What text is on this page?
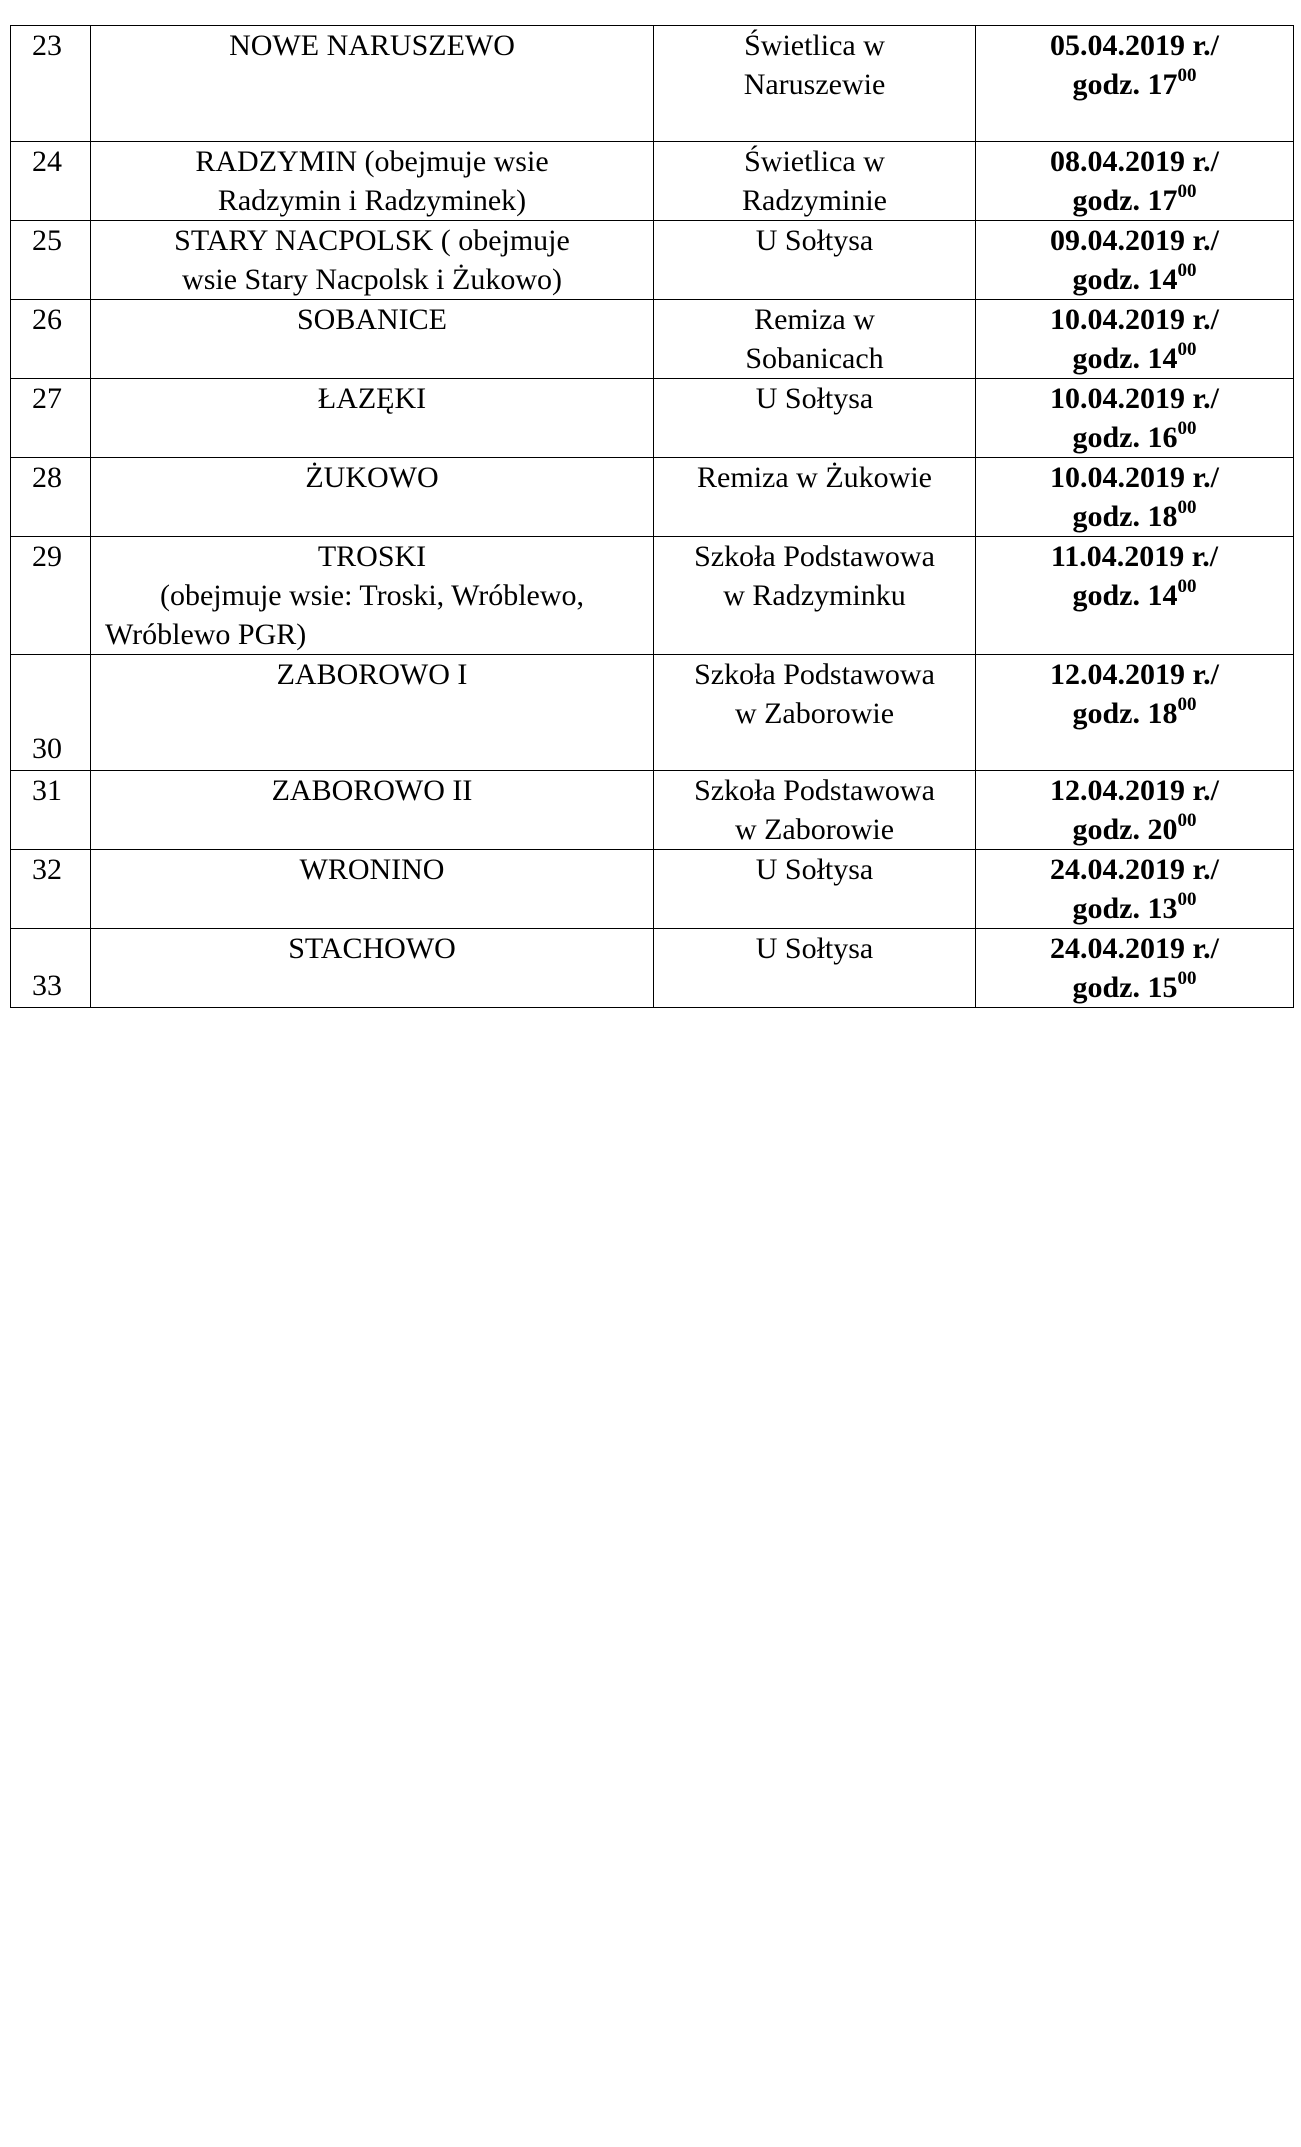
23	NOWE NARUSZEWO	Świetlica w
Naruszewie	05.04.2019 r./
godz. $17^{00}$

24	RADZYMIN (obejmuje wsie
Radzymin i Radzyminek)	Świetlica w
Radzyminie	08.04.2019 r./
godz. $17^{00}$

25	STARY NACPOLSK ( obejmuje
wsie Stary Nacpolsk i Żukowo)	U Sołtysa	09.04.2019 r./
godz. $14^{00}$

26	SOBANICE	Remiza w
Sobanicach	10.04.2019 r./
godz. $14^{00}$

27	ŁAZĘKI	U Sołtysa	10.04.2019 r./
godz. $16^{00}$

28	ŻUKOWO	Remiza w Żukowie	10.04.2019 r./
godz. $18^{00}$

29	TROSKI
(obejmuje wsie: Troski, Wróblewo,
Wróblewo PGR)	Szkoła Podstawowa
w Radzyminku	11.04.2019 r./
godz. $14^{00}$

30	ZABOROWO I	Szkoła Podstawowa
w Zaborowie	12.04.2019 r./
godz. $18^{00}$

31	ZABOROWO II	Szkoła Podstawowa
w Zaborowie	12.04.2019 r./
godz. $20^{00}$

32	WRONINO	U Sołtysa	24.04.2019 r./
godz. $13^{00}$

33	STACHOWO	U Sołtysa	24.04.2019 r./
godz. $15^{00}$
